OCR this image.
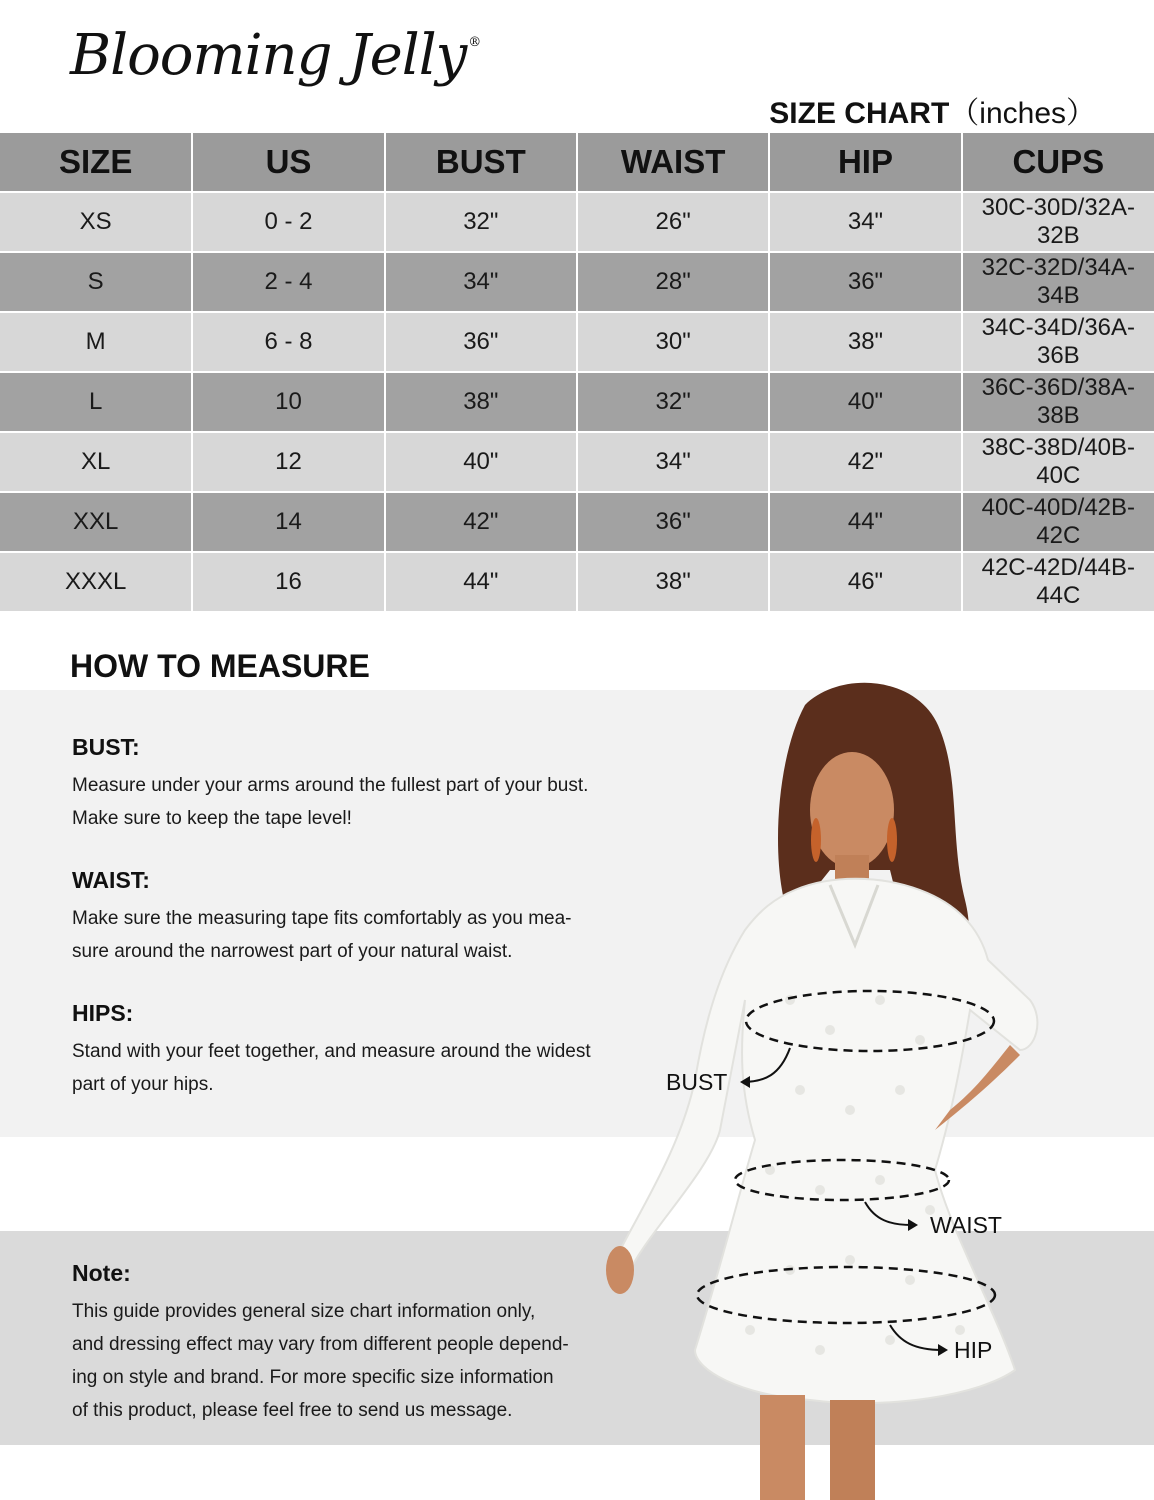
Blooming Jelly ®
SIZE CHART（inches）
SIZE	US	BUST	WAIST	HIP	CUPS
XS	0 - 2	32"	26"	34"	30C-30D/32A-32B
S	2 - 4	34"	28"	36"	32C-32D/34A-34B
M	6 - 8	36"	30"	38"	34C-34D/36A-36B
L	10	38"	32"	40"	36C-36D/38A-38B
XL	12	40"	34"	42"	38C-38D/40B-40C
XXL	14	42"	36"	44"	40C-40D/42B-42C
XXXL	16	44"	38"	46"	42C-42D/44B-44C
HOW TO MEASURE
BUST:

Measure under your arms around the fullest part of your bust.

Make sure to keep the tape level!

WAIST:

Make sure the measuring tape fits comfortably as you mea-

sure around the narrowest part of your natural waist.

HIPS:

Stand with your feet together, and measure around the widest

part of your hips.

Note:

This guide provides general size chart information only,

and dressing effect may vary from different people depend-

ing on style and brand. For more specific size information

of this product, please feel free to send us message.

BUST
WAIST
HIP
